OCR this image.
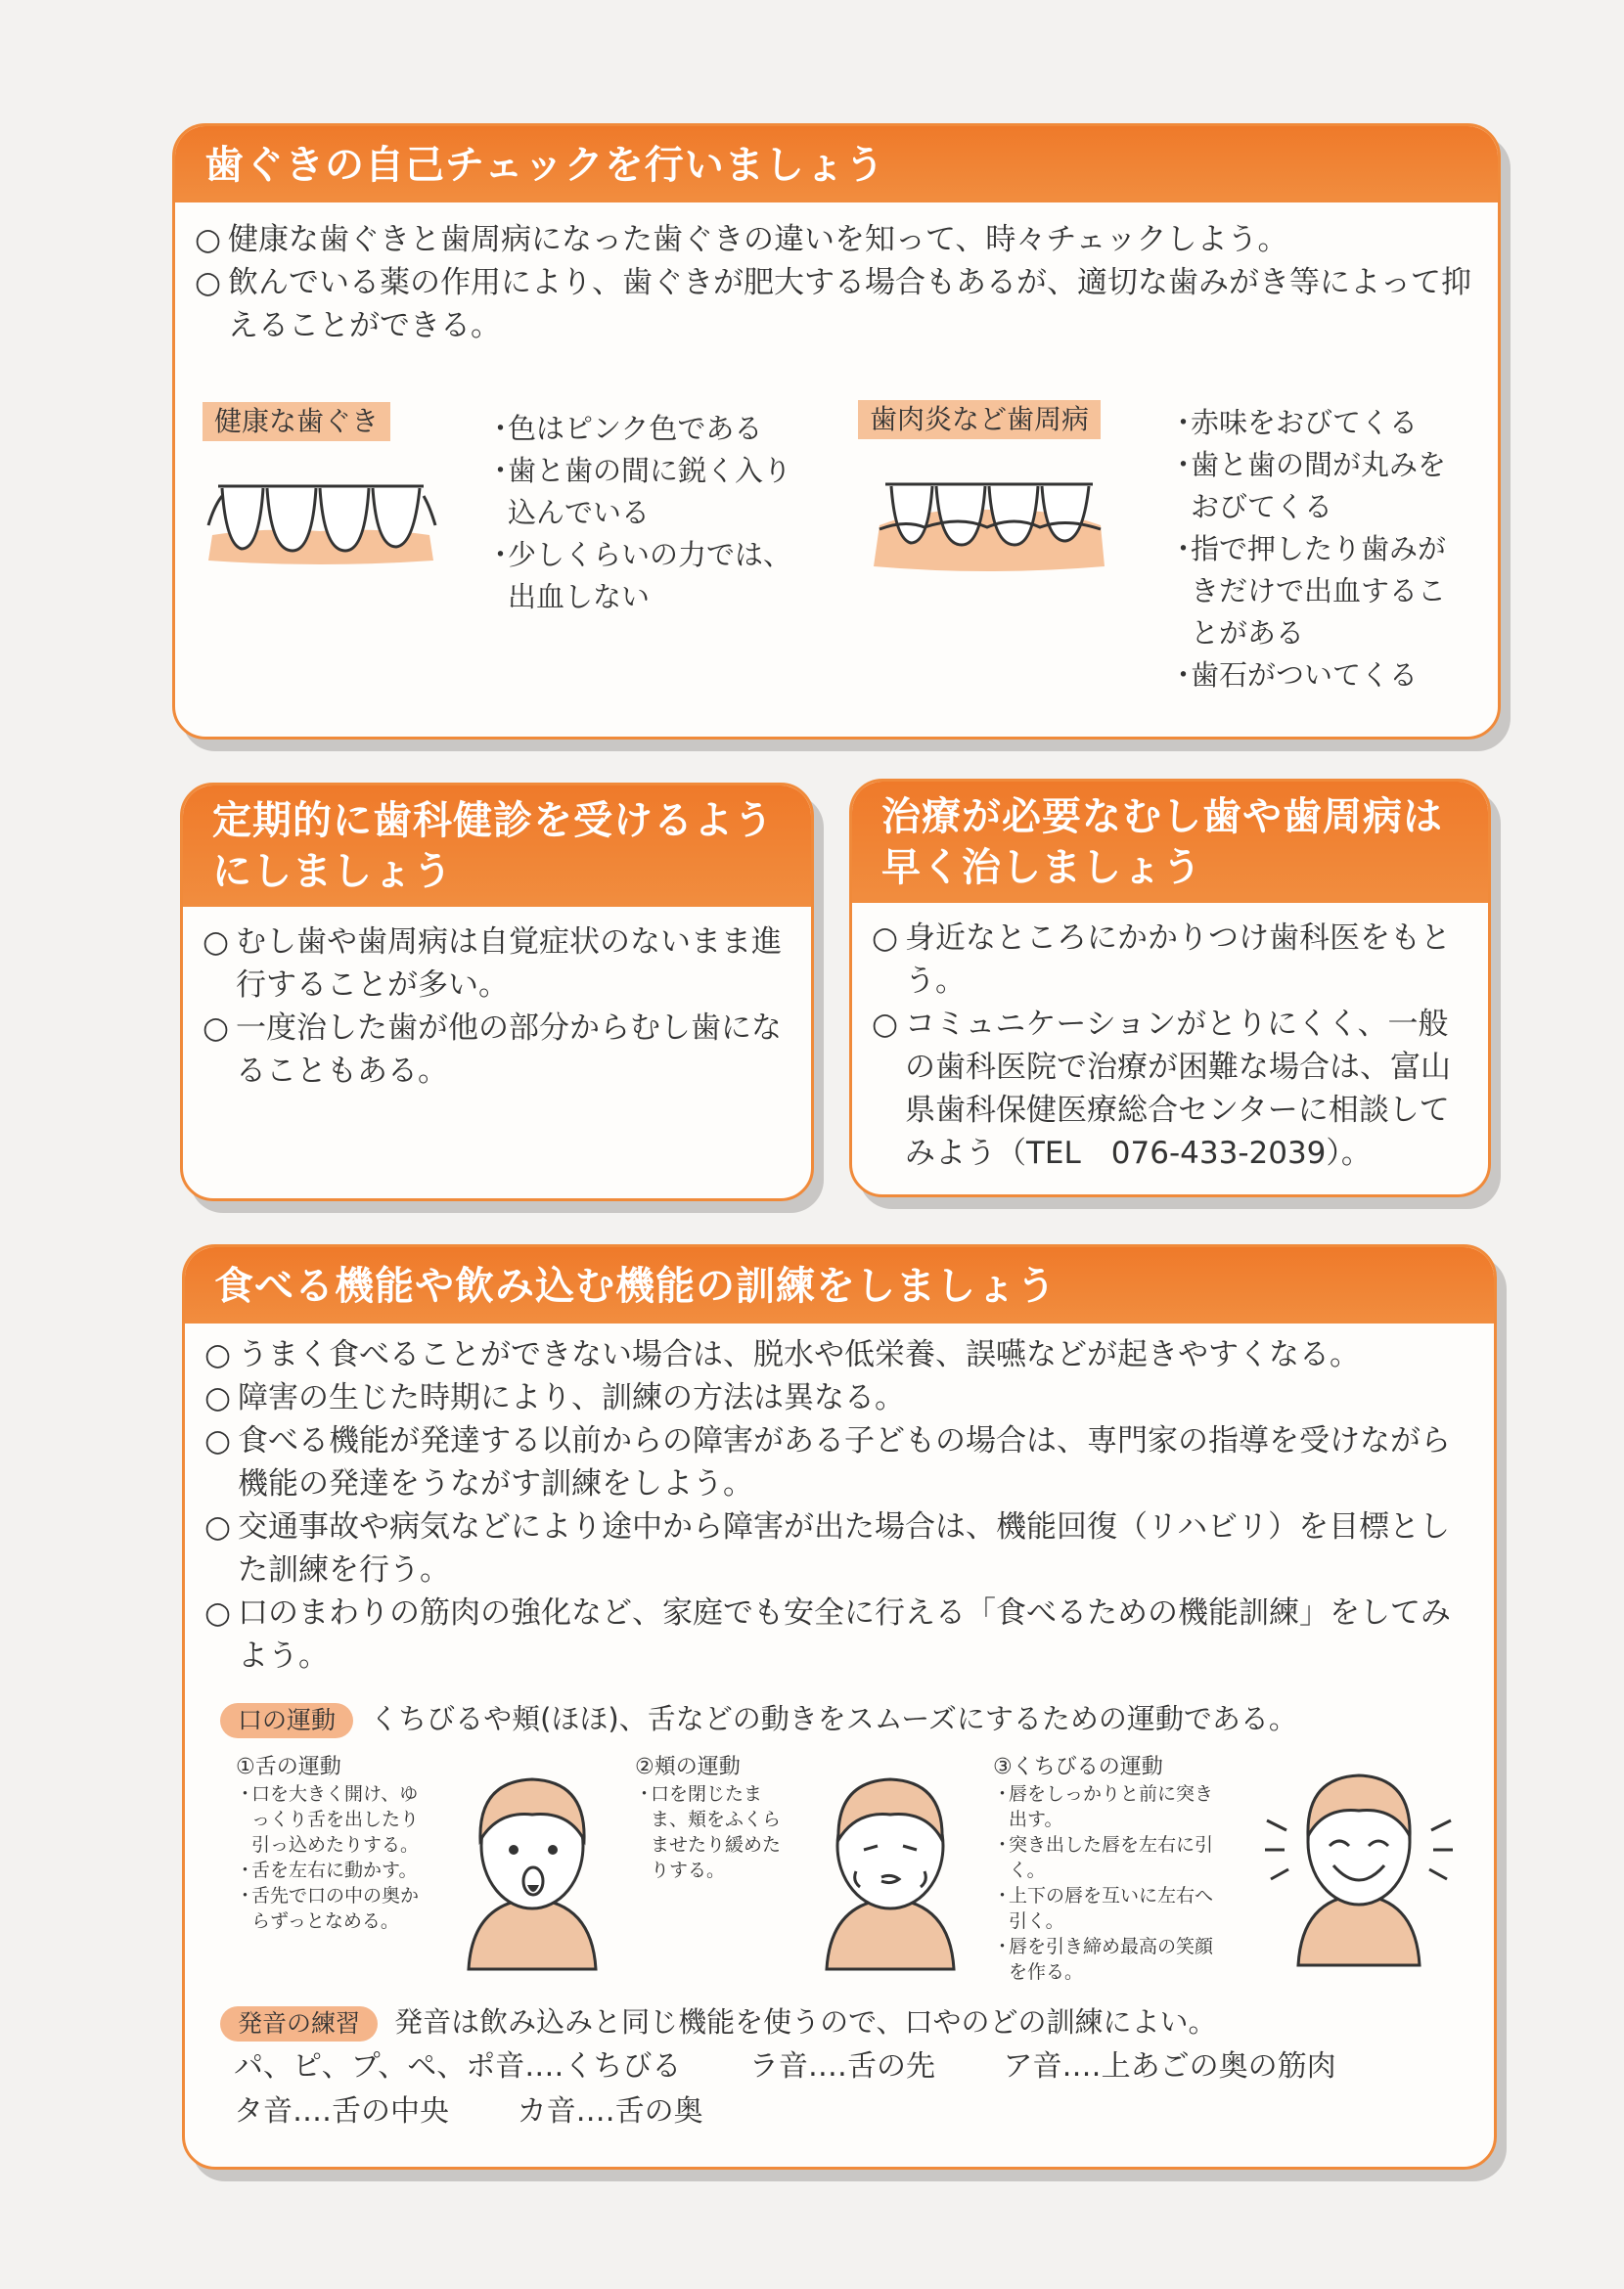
歯ぐきの自己チェックを行いましょう

○ 健康な歯ぐきと歯周病になった歯ぐきの違いを知って、時々チェックしよう。

○ 飲んでいる薬の作用により、歯ぐきが肥大する場合もあるが、適切な歯みがき等によって抑えることができる。

健康な歯ぐき	・ 色はピンク色である
・ 歯と歯の間に鋭く入り込んでいる
・ 少しくらいの力では、出血しない
歯肉炎など歯周病	・ 赤味をおびてくる
・ 歯と歯の間が丸みをおびてくる
・ 指で押したり歯みがきだけで出血することがある
・ 歯石がついてくる
定期的に歯科健診を受けるよう
にしましょう

○ むし歯や歯周病は自覚症状のないまま進行することが多い。

○ 一度治した歯が他の部分からむし歯になることもある。

治療が必要なむし歯や歯周病は
早く治しましょう

○ 身近なところにかかりつけ歯科医をもとう。

○ コミュニケーションがとりにくく、一般の歯科医院で治療が困難な場合は、富山県歯科保健医療総合センターに相談してみよう（TEL　076-433-2039）。

食べる機能や飲み込む機能の訓練をしましょう

○ うまく食べることができない場合は、脱水や低栄養、誤嚥などが起きやすくなる。

○ 障害の生じた時期により、訓練の方法は異なる。

○ 食べる機能が発達する以前からの障害がある子どもの場合は、専門家の指導を受けながら機能の発達をうながす訓練をしよう。

○ 交通事故や病気などにより途中から障害が出た場合は、機能回復（リハビリ）を目標とした訓練を行う。

○ 口のまわりの筋肉の強化など、家庭でも安全に行える「食べるための機能訓練」をしてみよう。

口の運動 くちびるや頬(ほほ)、舌などの動きをスムーズにするための運動である。

①舌の運動

・ 口を大きく開け、ゆっくり舌を出したり引っ込めたりする。
・ 舌を左右に動かす。
・ 舌先で口の中の奥からずっとなめる。

②頬の運動

・ 口を閉じたまま、頬をふくらませたり緩めたりする。

③くちびるの運動

・ 唇をしっかりと前に突き出す。
・ 突き出した唇を左右に引く。
・ 上下の唇を互いに左右へ引く。
・ 唇を引き締め最高の笑顔を作る。
発音の練習 発音は飲み込みと同じ機能を使うので、口やのどの訓練によい。
パ、ピ、プ、ペ、ポ音‥‥くちびる ラ音‥‥舌の先 ア音‥‥上あごの奥の筋肉
タ音‥‥舌の中央 カ音‥‥舌の奥
